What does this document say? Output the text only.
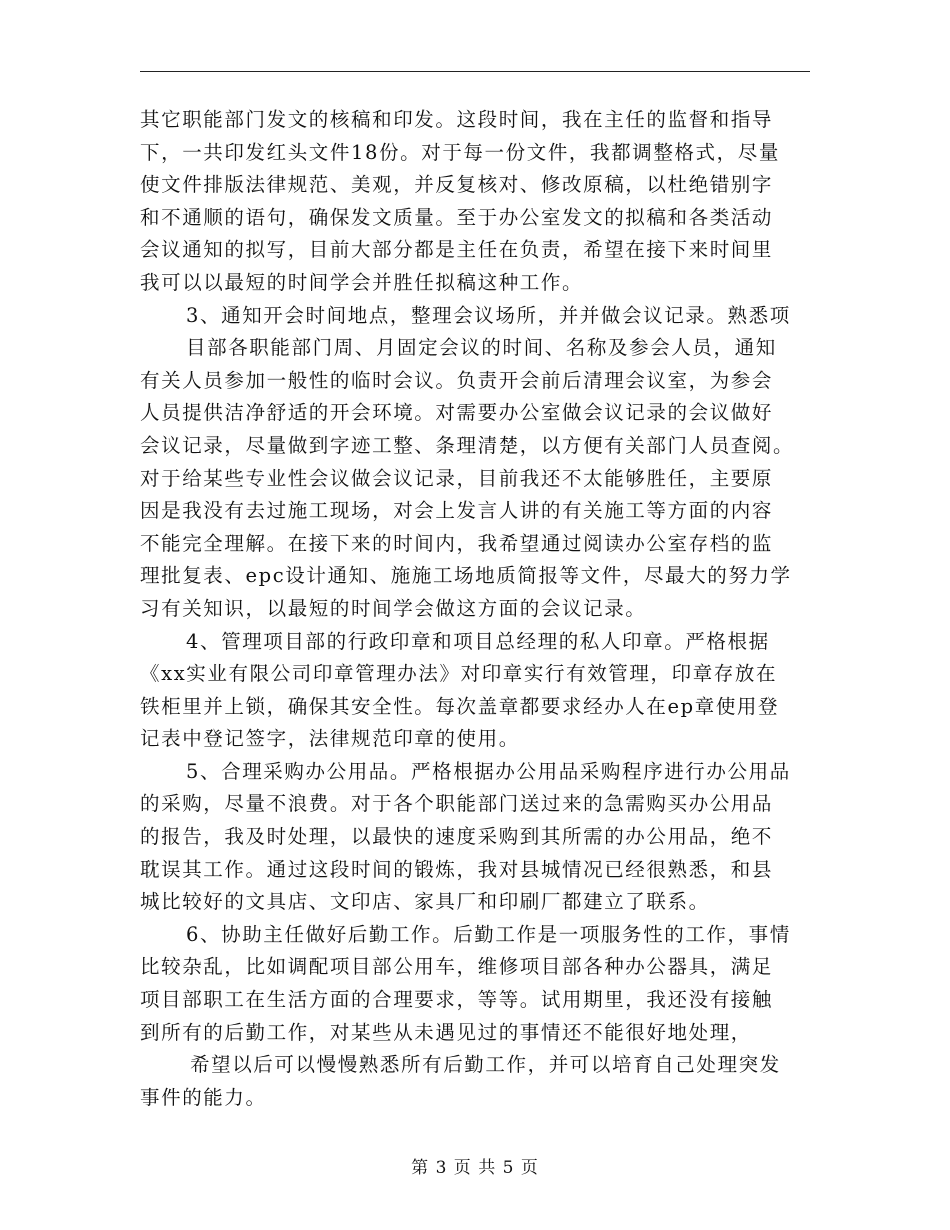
其它职能部门发文的核稿和印发。这段时间，我在主任的监督和指导
下，一共印发红头文件18份。对于每一份文件，我都调整格式，尽量
使文件排版法律规范、美观，并反复核对、修改原稿，以杜绝错别字
和不通顺的语句，确保发文质量。至于办公室发文的拟稿和各类活动
会议通知的拟写，目前大部分都是主任在负责，希望在接下来时间里
我可以以最短的时间学会并胜任拟稿这种工作。
3、通知开会时间地点，整理会议场所，并并做会议记录。熟悉项
目部各职能部门周、月固定会议的时间、名称及参会人员，通知
有关人员参加一般性的临时会议。负责开会前后清理会议室，为参会
人员提供洁净舒适的开会环境。对需要办公室做会议记录的会议做好
会议记录，尽量做到字迹工整、条理清楚，以方便有关部门人员查阅。
对于给某些专业性会议做会议记录，目前我还不太能够胜任，主要原
因是我没有去过施工现场，对会上发言人讲的有关施工等方面的内容
不能完全理解。在接下来的时间内，我希望通过阅读办公室存档的监
理批复表、epc设计通知、施施工场地质简报等文件，尽最大的努力学
习有关知识，以最短的时间学会做这方面的会议记录。
4、管理项目部的行政印章和项目总经理的私人印章。严格根据
《xx实业有限公司印章管理办法》对印章实行有效管理，印章存放在
铁柜里并上锁，确保其安全性。每次盖章都要求经办人在ep章使用登
记表中登记签字，法律规范印章的使用。
5、合理采购办公用品。严格根据办公用品采购程序进行办公用品
的采购，尽量不浪费。对于各个职能部门送过来的急需购买办公用品
的报告，我及时处理，以最快的速度采购到其所需的办公用品，绝不
耽误其工作。通过这段时间的锻炼，我对县城情况已经很熟悉，和县
城比较好的文具店、文印店、家具厂和印刷厂都建立了联系。
6、协助主任做好后勤工作。后勤工作是一项服务性的工作，事情
比较杂乱，比如调配项目部公用车，维修项目部各种办公器具，满足
项目部职工在生活方面的合理要求，等等。试用期里，我还没有接触
到所有的后勤工作，对某些从未遇见过的事情还不能很好地处理，
希望以后可以慢慢熟悉所有后勤工作，并可以培育自己处理突发
事件的能力。
第 3 页 共 5 页
